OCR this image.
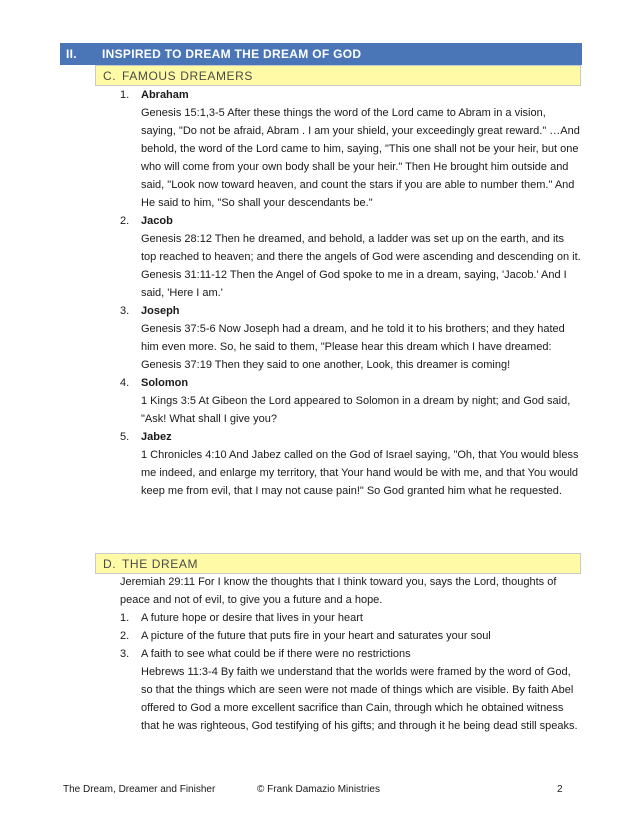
II. INSPIRED TO DREAM THE DREAM OF GOD
C. FAMOUS DREAMERS
1. Abraham

Genesis 15:1,3-5 After these things the word of the Lord came to Abram in a vision, saying, "Do not be afraid, Abram . I am your shield, your exceedingly great reward." …And behold, the word of the Lord came to him, saying, "This one shall not be your heir, but one who will come from your own body shall be your heir." Then He brought him outside and said, "Look now toward heaven, and count the stars if you are able to number them." And He said to him, "So shall your descendants be."

2. Jacob

Genesis 28:12 Then he dreamed, and behold, a ladder was set up on the earth, and its top reached to heaven; and there the angels of God were ascending and descending on it.

Genesis 31:11-12 Then the Angel of God spoke to me in a dream, saying, 'Jacob.' And I said, 'Here I am.'

3. Joseph

Genesis 37:5-6 Now Joseph had a dream, and he told it to his brothers; and they hated him even more. So, he said to them, "Please hear this dream which I have dreamed:

Genesis 37:19 Then they said to one another, Look, this dreamer is coming!

4. Solomon

1 Kings 3:5 At Gibeon the Lord appeared to Solomon in a dream by night; and God said, "Ask! What shall I give you?

5. Jabez

1 Chronicles 4:10 And Jabez called on the God of Israel saying, "Oh, that You would bless me indeed, and enlarge my territory, that Your hand would be with me, and that You would keep me from evil, that I may not cause pain!" So God granted him what he requested.

D. THE DREAM

Jeremiah 29:11 For I know the thoughts that I think toward you, says the Lord, thoughts of peace and not of evil, to give you a future and a hope.

1. A future hope or desire that lives in your heart

2. A picture of the future that puts fire in your heart and saturates your soul

3. A faith to see what could be if there were no restrictions

Hebrews 11:3-4 By faith we understand that the worlds were framed by the word of God, so that the things which are seen were not made of things which are visible. By faith Abel offered to God a more excellent sacrifice than Cain, through which he obtained witness that he was righteous, God testifying of his gifts; and through it he being dead still speaks.

The Dream, Dreamer and Finisher	© Frank Damazio Ministries	2
